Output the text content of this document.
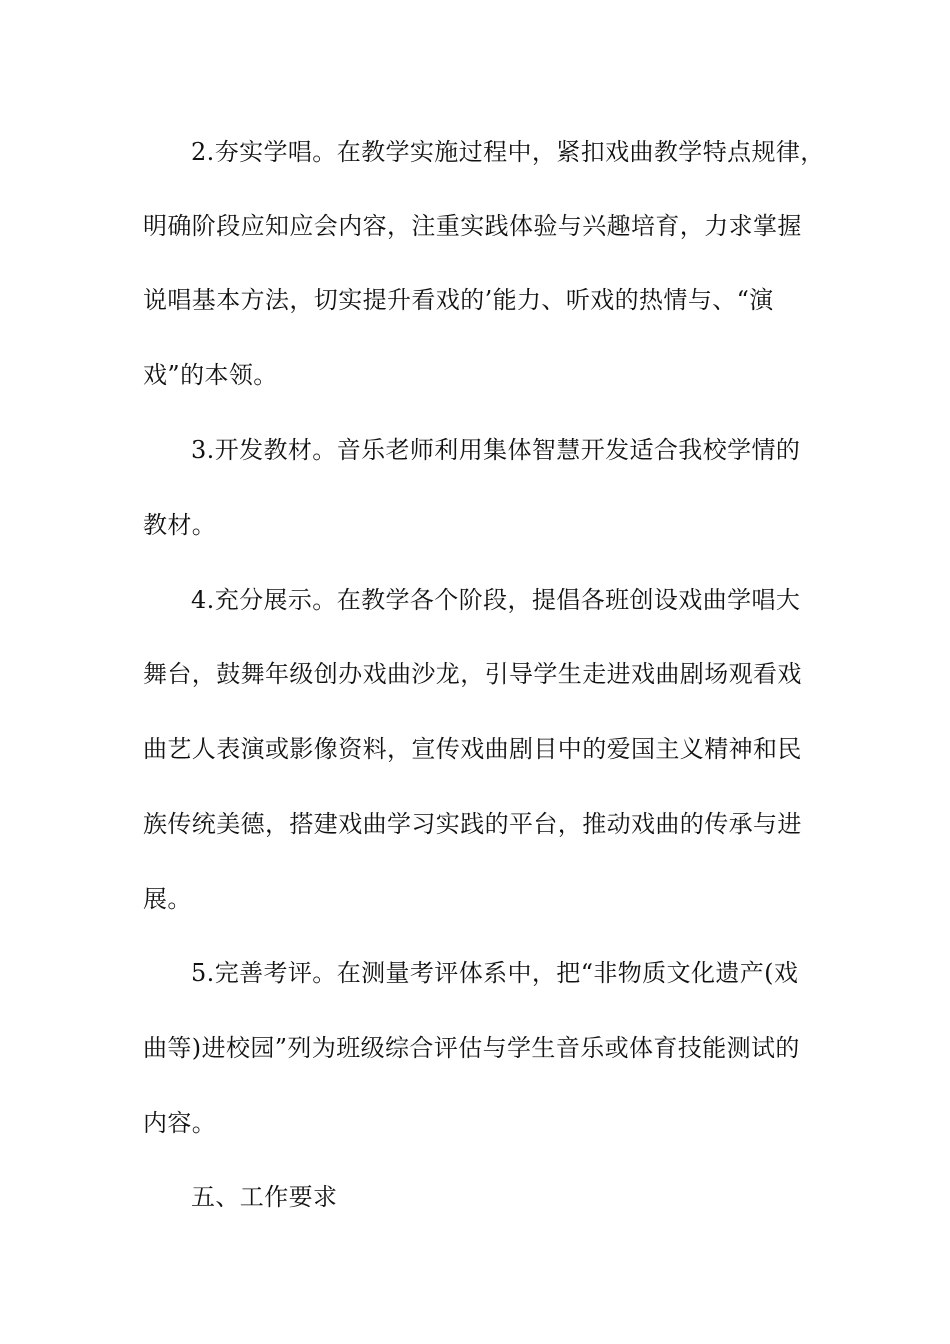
2.夯实学唱。在教学实施过程中，紧扣戏曲教学特点规律，
明确阶段应知应会内容，注重实践体验与兴趣培育，力求掌握
说唱基本方法，切实提升看戏的’能力、听戏的热情与、“演
戏”的本领。
3.开发教材。音乐老师利用集体智慧开发适合我校学情的
教材。
4.充分展示。在教学各个阶段，提倡各班创设戏曲学唱大
舞台，鼓舞年级创办戏曲沙龙，引导学生走进戏曲剧场观看戏
曲艺人表演或影像资料，宣传戏曲剧目中的爱国主义精神和民
族传统美德，搭建戏曲学习实践的平台，推动戏曲的传承与进
展。
5.完善考评。在测量考评体系中，把“非物质文化遗产(戏
曲等)进校园”列为班级综合评估与学生音乐或体育技能测试的
内容。
五、工作要求
